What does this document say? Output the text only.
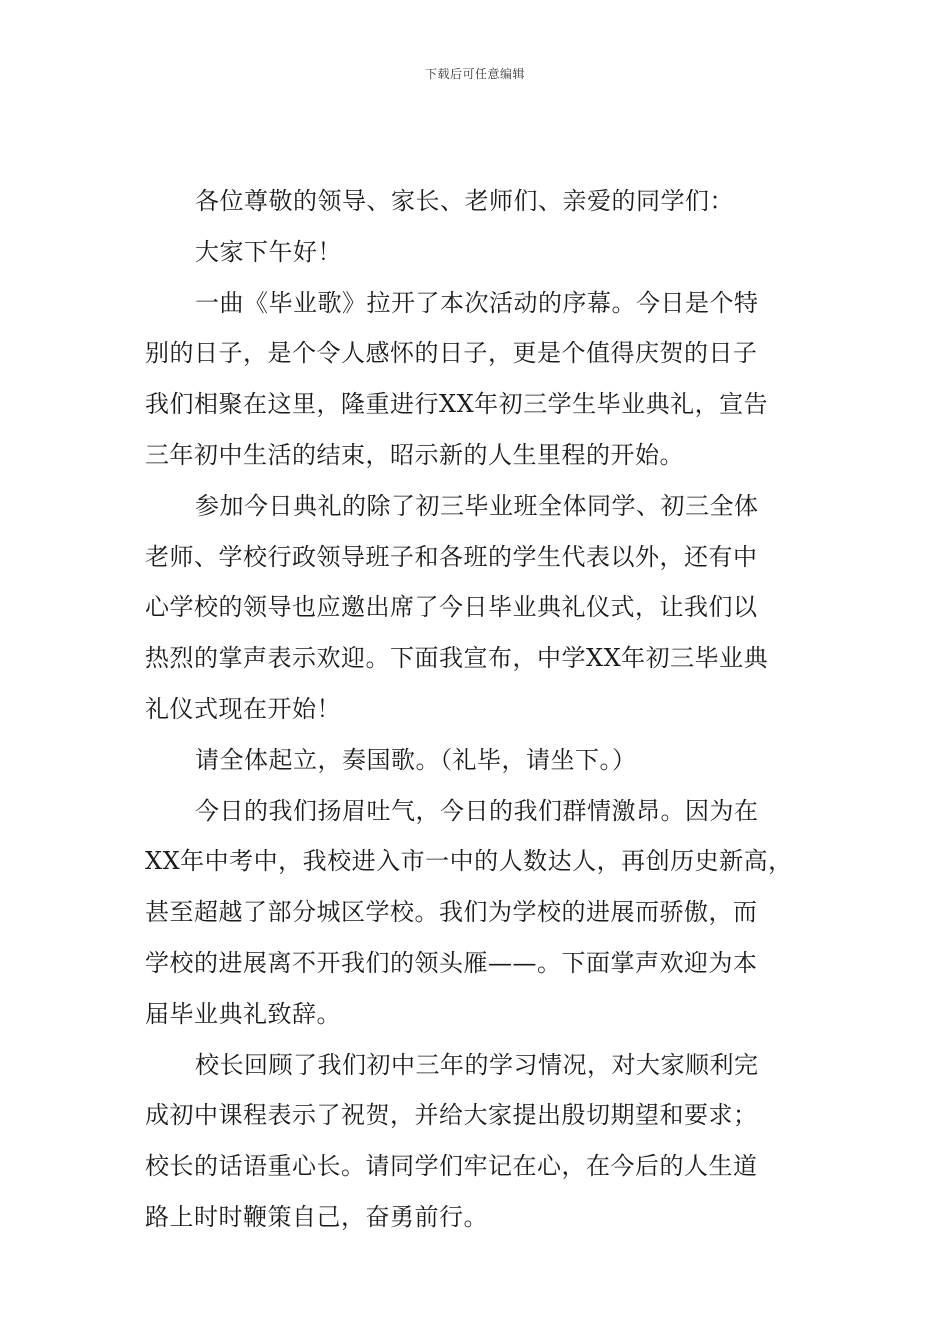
下载后可任意编辑
各位尊敬的领导、家长、老师们、亲爱的同学们：
大家下午好！
一曲《毕业歌》拉开了本次活动的序幕。今日是个特
别的日子，是个令人感怀的日子，更是个值得庆贺的日子
我们相聚在这里，隆重进行XX年初三学生毕业典礼，宣告
三年初中生活的结束，昭示新的人生里程的开始。
参加今日典礼的除了初三毕业班全体同学、初三全体
老师、学校行政领导班子和各班的学生代表以外，还有中
心学校的领导也应邀出席了今日毕业典礼仪式，让我们以
热烈的掌声表示欢迎。下面我宣布，中学XX年初三毕业典
礼仪式现在开始！
请全体起立，奏国歌。（礼毕，请坐下。）
今日的我们扬眉吐气，今日的我们群情激昂。因为在
XX年中考中，我校进入市一中的人数达人，再创历史新高，
甚至超越了部分城区学校。我们为学校的进展而骄傲，而
学校的进展离不开我们的领头雁——。下面掌声欢迎为本
届毕业典礼致辞。
校长回顾了我们初中三年的学习情况，对大家顺利完
成初中课程表示了祝贺，并给大家提出殷切期望和要求；
校长的话语重心长。请同学们牢记在心，在今后的人生道
路上时时鞭策自己，奋勇前行。
